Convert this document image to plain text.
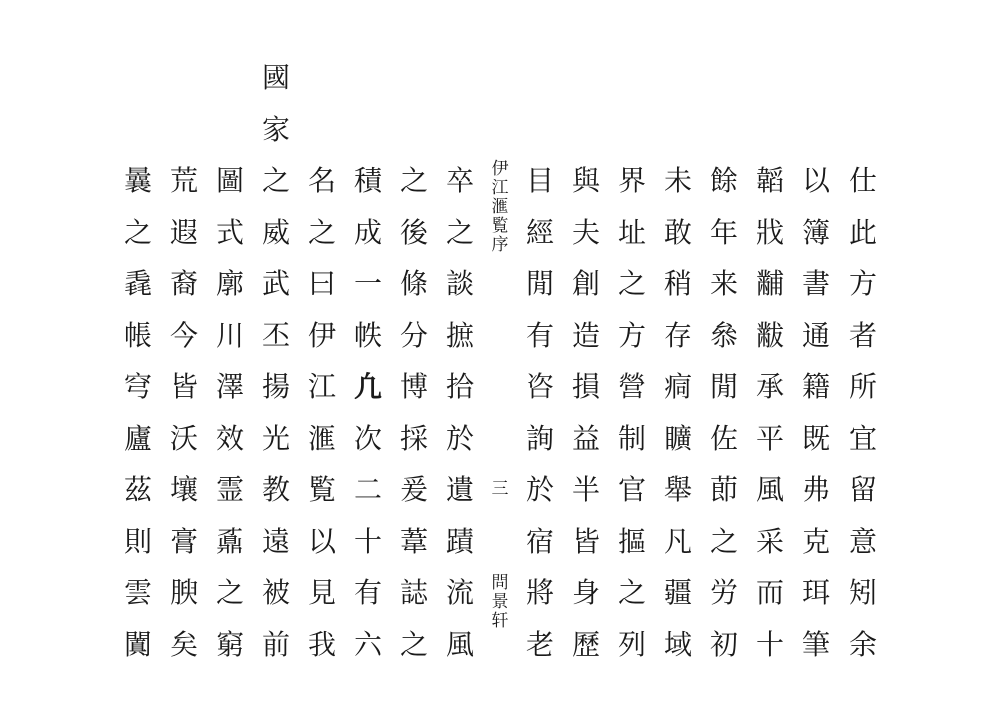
仕
此
方
者
所
宜
留
意
矧
余
以
簿
書
通
籍
既
弗
克
珥
筆
韜
戕
黼
黻
承
平
風
采
而
十
餘
年
来
叅
閒
佐
莭
之
労
初
未
敢
稍
存
痌
矌
舉
凡
疆
域
界
址
之
方
營
制
官
摳
之
列
與
夫
創
造
損
益
半
皆
身
歷
目
經
閒
有
咨
詢
於
宿
將
老
卒
之
談
摭
拾
於
遺
蹟
流
風
之
後
條
分
博
採
爰
葦
誌
之
積
成
一
帙
凢
次
二
十
有
六
名
之
曰
伊
江
滙
覧
以
見
我
國
家
之
威
武
丕
揚
光
教
遠
被
前
圖
式
廓
川
澤
效
霊
鼒
之
窮
荒
遐
裔
今
皆
沃
壤
膏
腴
矣
曩
之
毳
帳
穹
廬
茲
則
雲
闐
伊江滙覧序
三
問景轩
